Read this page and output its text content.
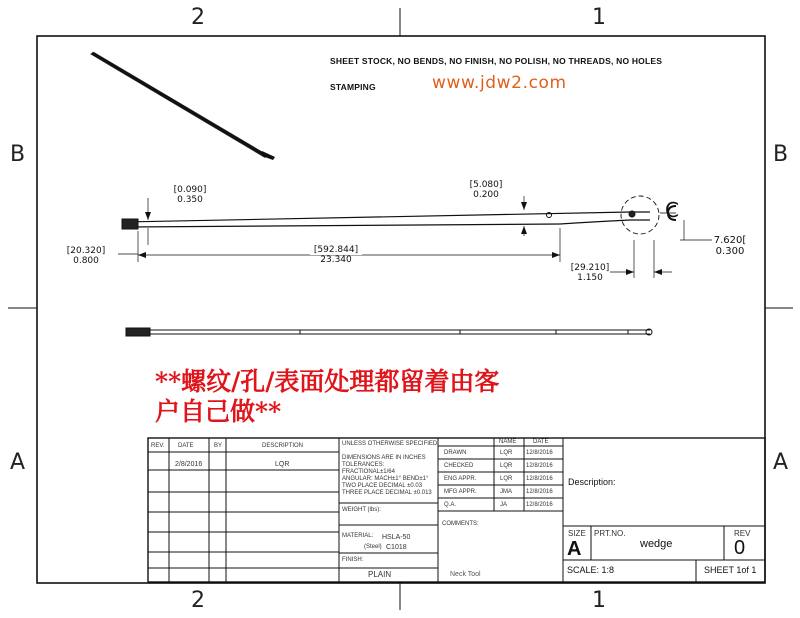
2	1
2	1
B
A
B
A
SHEET STOCK, NO BENDS, NO FINISH, NO POLISH, NO THREADS, NO HOLES
STAMPING	www.jdw2.com
**螺纹/孔/表面处理都留着由客
户自己做**
[0.090]
0.350
[5.080]
0.200
[20.320]
0.800
[592.844]
23.340
[29.210]
1.150
7.620[
0.300
C
REV. DATE	BY	DESCRIPTION
2/8/2016	LQR
UNLESS OTHERWISE SPECIFIED:
DIMENSIONS ARE IN INCHES
TOLERANCES:
FRACTIONAL±1/64
ANGULAR: MACH±1° BEND±1°
TWO PLACE DECIMAL ±0.03
THREE PLACE DECIMAL ±0.013
WEIGHT (lbs):
MATERIAL: HSLA-50
(Steel) C1018
FINISH:
PLAIN
NAME	DATE
DRAWN	LQR 12/8/2016
CHECKED	LQR 12/8/2016
ENG APPR.	LQR 12/8/2016
MFG APPR.	JMA 12/8/2016
Q.A.	JA	12/8/2016
COMMENTS:
Neck Tool
Description:
SIZE
A
PRT.NO.
wedge
REV
0
SCALE: 1:8	SHEET 1of 1
